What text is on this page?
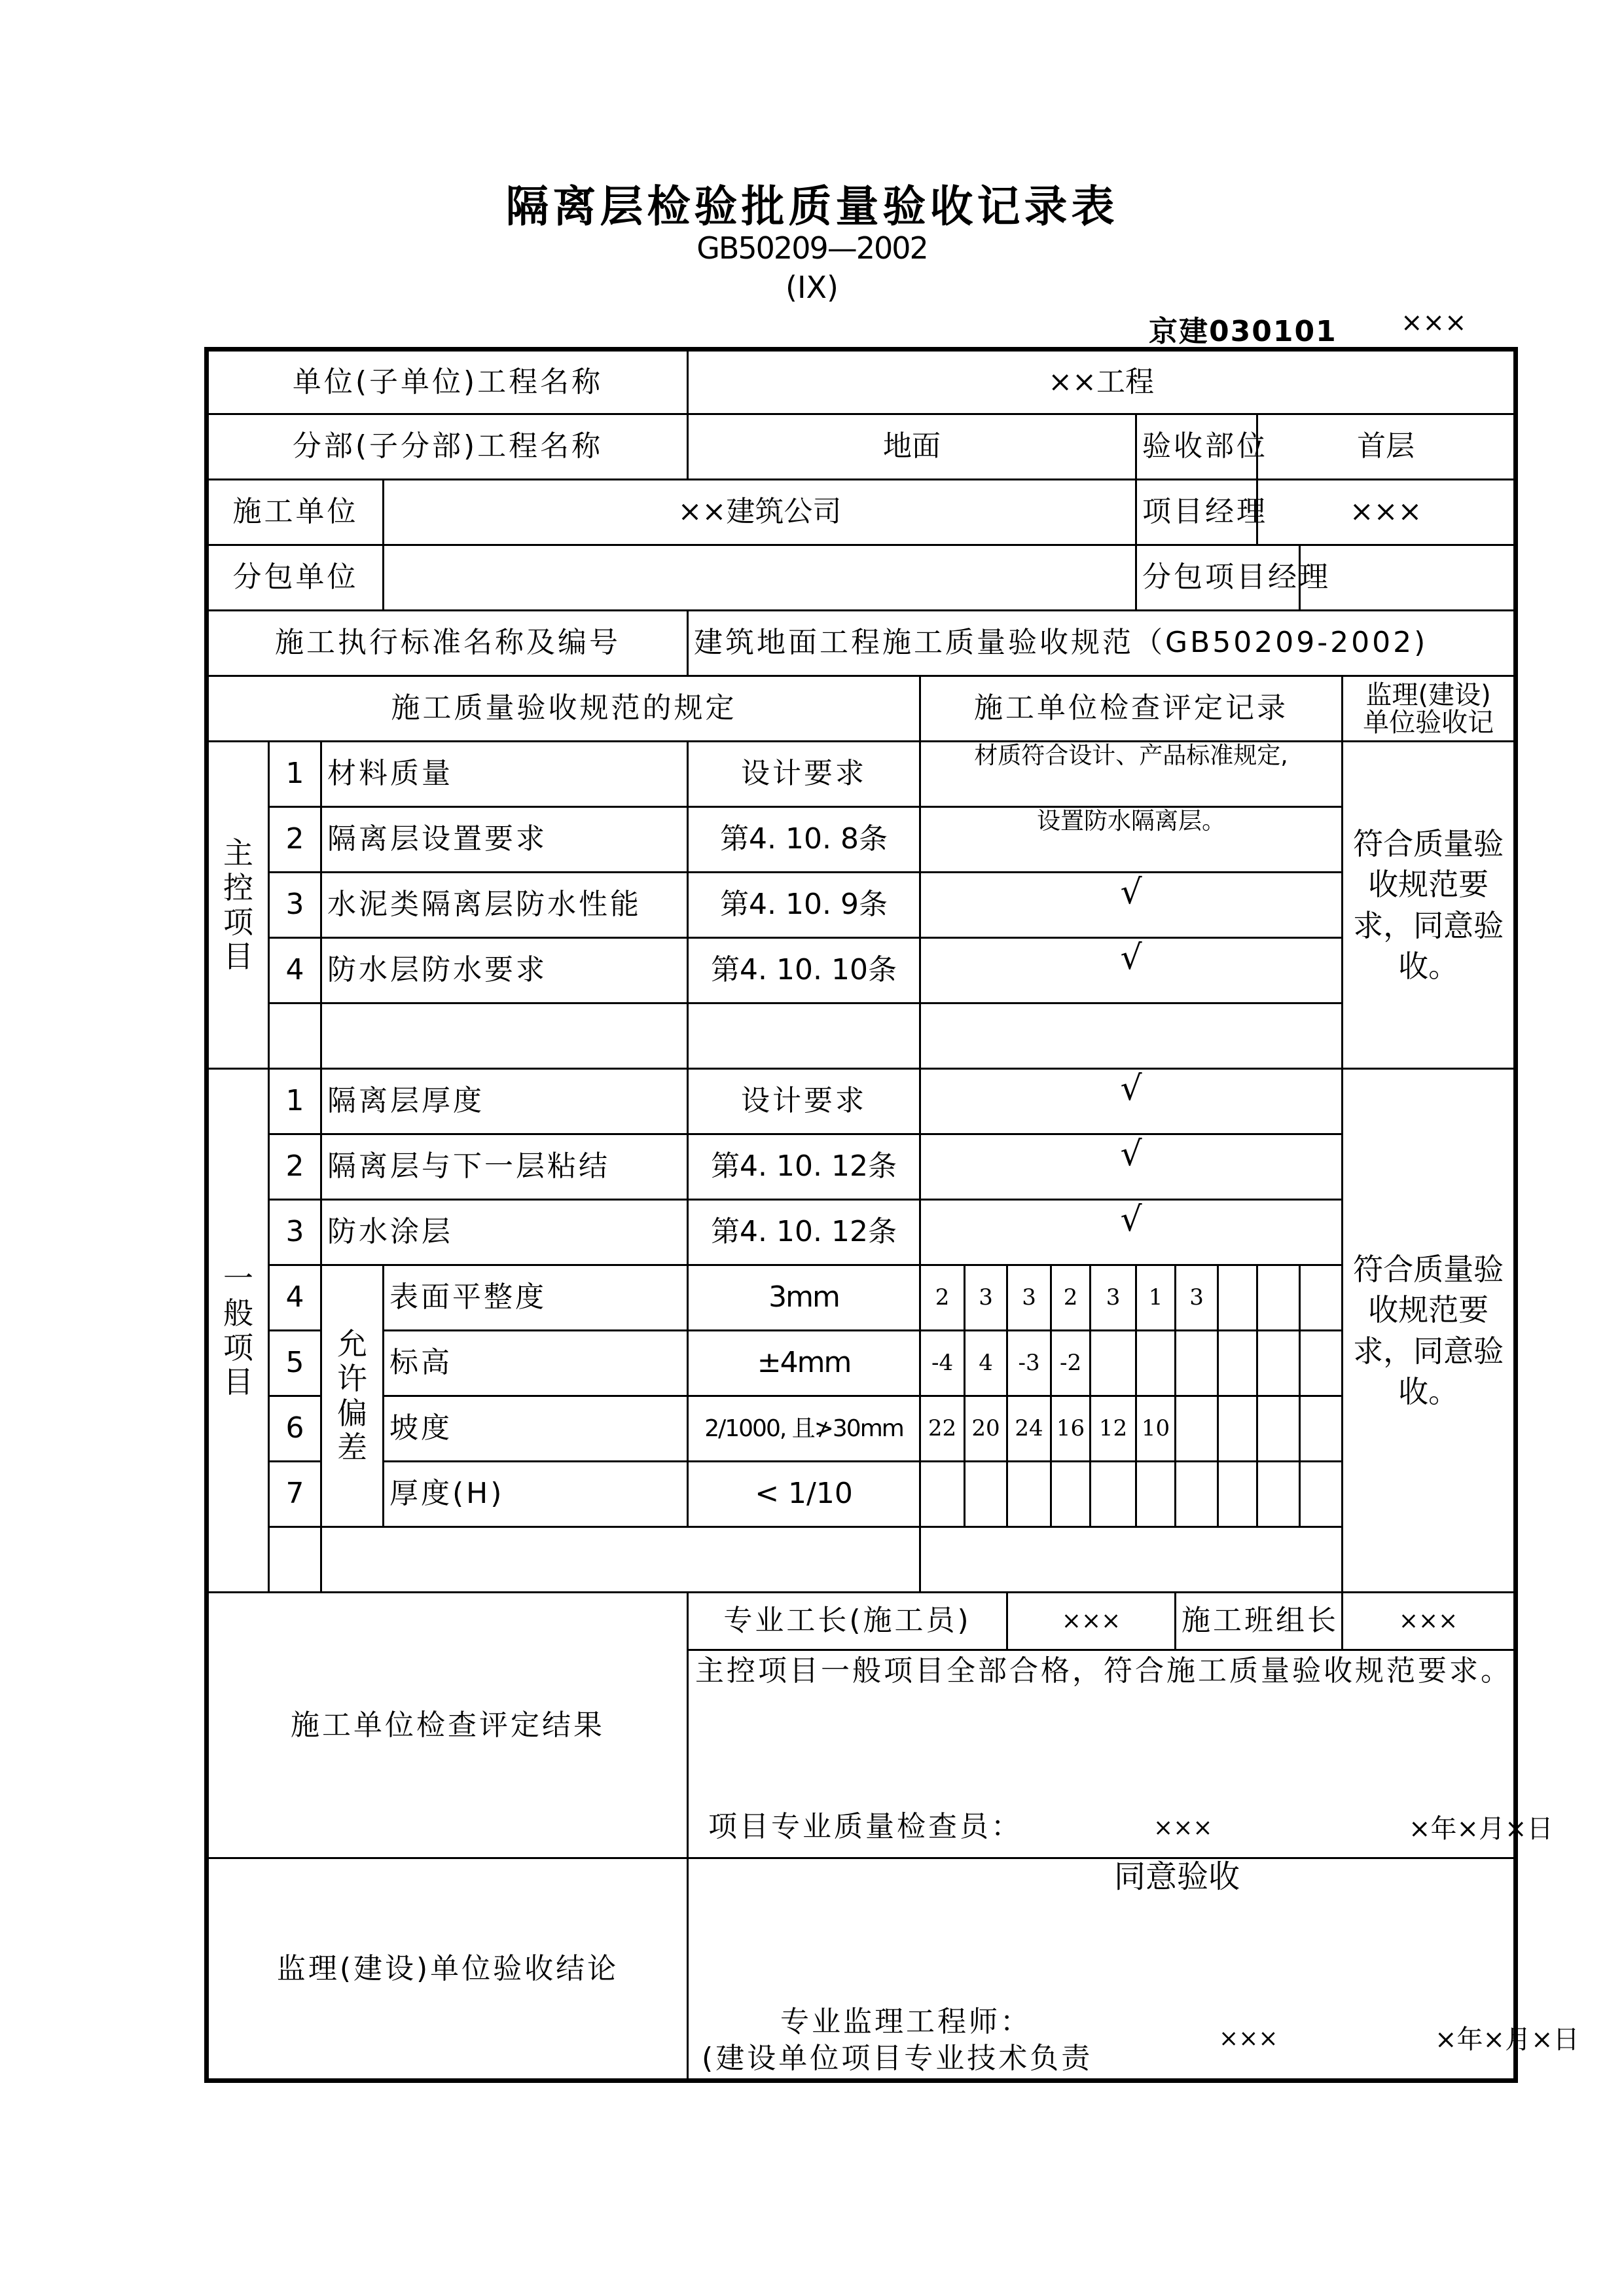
隔离层检验批质量验收记录表
GB50209—2002
(ⅠX)
京建030101 ×××
单位(子单位)工程名称				××工程											
分部(子分部)工程名称				地面						验收部位			首层		
施工单位			××建筑公司							项目经理			×××		
分包单位										分包项目经理					
施工执行标准名称及编号				建筑地面工程施工质量验收规范（GB50209-2002)											
施工质量验收规范的规定					施工单位检查评定记录										监理(建设)
单位验收记
主控项目	1	材料质量		设计要求	材质符合设计、产品标准规定,										符合质量验收规范要求，同意验收。
	2	隔离层设置要求		第4. 10. 8条	设置防水隔离层。										
	3	水泥类隔离层防水性能		第4. 10. 9条	√										
	4	防水层防水要求		第4. 10. 10条	√										

一般项目	1	隔离层厚度		设计要求	√										符合质量验收规范要求，同意验收。
	2	隔离层与下一层粘结		第4. 10. 12条	√										
	3	防水涂层		第4. 10. 12条	√										
	4	允许偏差	表面平整度	3mm	2	3	3	2	3	1	3				
	5		标高	±4mm	-4	4	-3	-2							
	6		坡度	2/1000, 且≯30mm	22	20	24	16	12	10					
	7		厚度(H)	< 1/10											

施工单位检查评定结果				专业工长(施工员)			×××				施工班组长				×××

				主控项目一般项目全部合格，符合施工质量验收规范要求。
项目专业质量检查员： ××× ×年×月×日											

监理(建设)单位验收结论				同意验收
专业监理工程师：
(建设单位项目专业技术负责
××× ×年×月×日											
